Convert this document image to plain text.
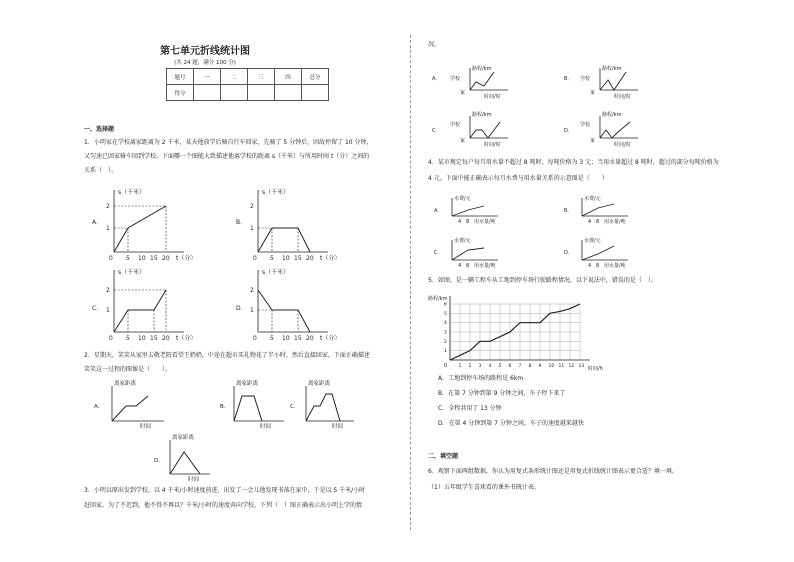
第七单元折线统计图
(共 24 题，满分 100 分)
题号	一	二	三	四	总分
得分					
一、选择题
1．小明家在学校离家距离为 2 千米，某天他放学后骑自行车回家，先骑了 5 分钟后，因故停留了 10 分钟，
又匀速已回家骑车回到学校。下面哪一个图能大致描述他离学校的距离 s（千米）与所用时间 t（分）之间的
关系（　）。
A．
s（千米）
t（分）
2
1
0 5 10 15 20
B．
s（千米）
t（分）
2
1
0 5 10 15 20
C．
s（千米）
t（分）
2
1
0 5 10 15 20
D．
s（千米）
t（分）
2
1
0 5 10 15 20
2．星期天，笑笑从家里去敬老院看望王奶奶，中途在超市买礼物花了半小时，然后直接回家，下面正确描述
笑笑这一过程的图像是（　　）。
A．
离家距离
时间
B．
离家距离
时间
C．
离家距离
时间
D．
离家距离
时间
3．小明以原出发到学校，以 4 千米/小时速度前进，出发了一会儿他发现书落在家中，于是以 5 千米/小时
赶回家，为了不迟到，他不得不再以？千米/小时的速度奔向学校，下列（　）图正确表示出小明上学的情
况。
A． 学校
路程/km
家
时间/时
B． 学校
路程/km
家
时间/时
C．
学校
路程/km
家
时间/时
D．
学校
路程/km
家
时间/时
4．某市规定每户每月用水量不超过 8 吨时，每吨价格为 3 元；当用水量超过 8 吨时，超过的部分每吨价格为
4 元。下面中能正确表示每月水费与用水量关系的示意图是（　　）
A．
水费/元
4 8 用水量/吨
B．
水费/元
4 8 用水量/吨
C．
水费/元
4 8 用水量/吨
D．
水费/元
4 8 用水量/吨
5．如图，是一辆工程车从工地到停车场行驶路程情况，以下说法中，错误的是（　）。
路程/km
时间/h
0	1 2 3 4 5 6 7 8 9 10 11 12 13
1
2
3
4
5
6
A．工地到停车场的路程是 6km
B．在第 7 分钟到第 9 分钟之间，车子停下来了
C．全程共用了 13 分钟
D．在第 4 分钟到第 7 分钟之间，车子的速度越来越快
二、填空题
6．观察下面两组数据，你认为用复式条形统计图还是用复式折线统计图表示更合适？填一填。
（1）五年级学生喜欢看的课外书统计表。
